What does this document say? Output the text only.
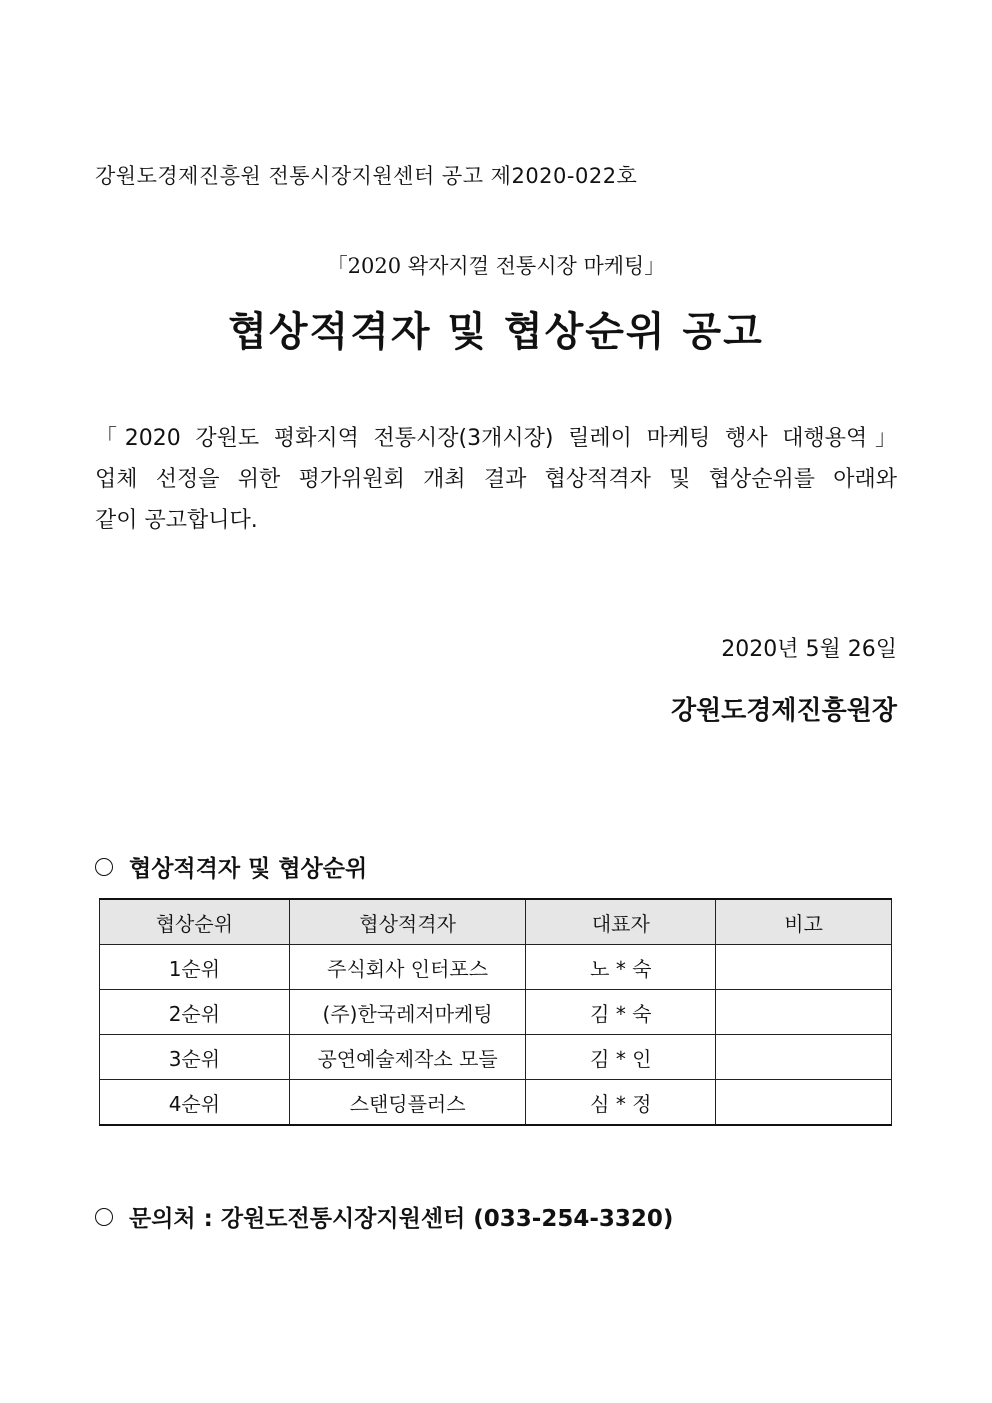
강원도경제진흥원 전통시장지원센터 공고 제2020-022호
「2020 왁자지껄 전통시장 마케팅」
협상적격자 및 협상순위 공고

「2020 강원도 평화지역 전통시장(3개시장) 릴레이 마케팅 행사 대행용역」

업체 선정을 위한 평가위원회 개최 결과 협상적격자 및 협상순위를 아래와

같이 공고합니다.

2020년 5월 26일
강원도경제진흥원장
협상적격자 및 협상순위
협상순위	협상적격자	대표자	비고
1순위	주식회사 인터포스	노 * 숙	
2순위	(주)한국레저마케팅	김 * 숙	
3순위	공연예술제작소 모들	김 * 인	
4순위	스탠딩플러스	심 * 정	
문의처 : 강원도전통시장지원센터 (033-254-3320)
